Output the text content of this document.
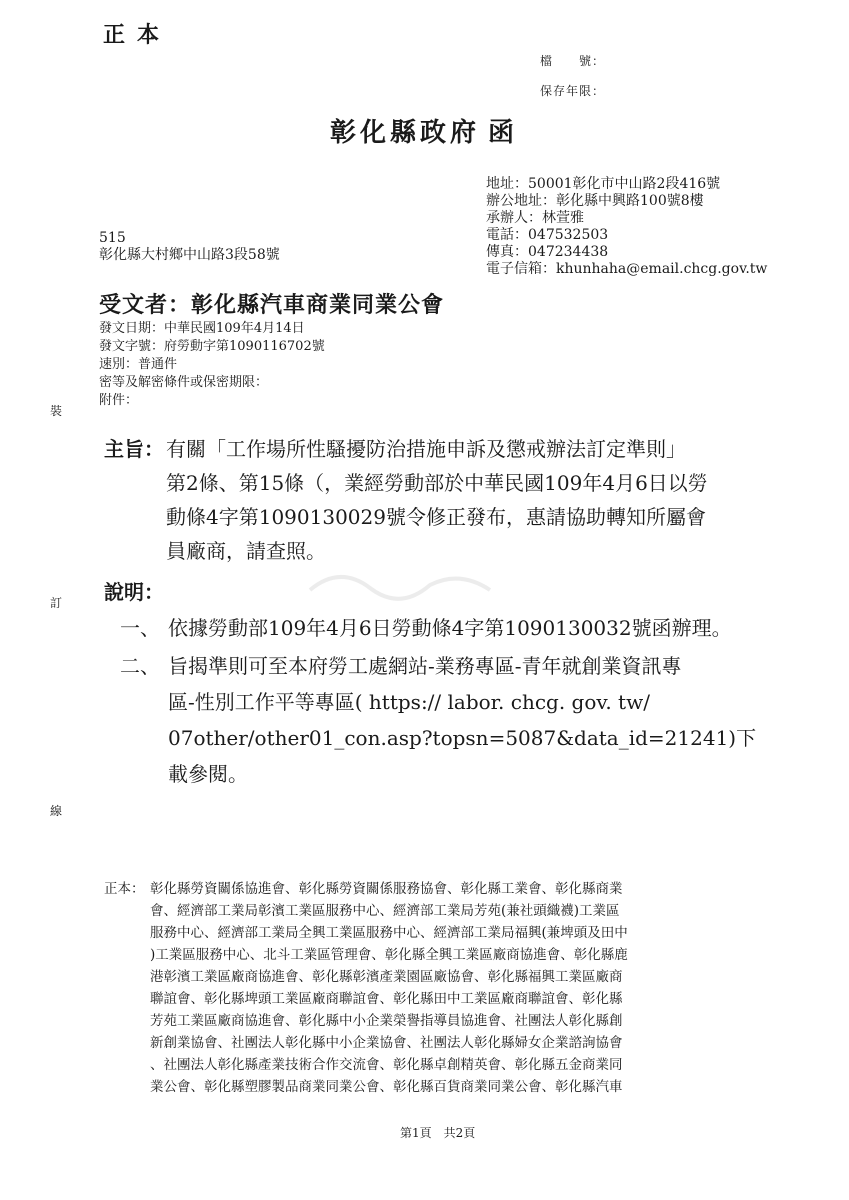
正本
檔　　號：
保存年限：
彰化縣政府 函
地址：50001彰化市中山路2段416號
辦公地址：彰化縣中興路100號8樓
承辦人：林萱雅
電話：047532503
傳真：047234438
電子信箱：khunhaha@email.chcg.gov.tw
515
彰化縣大村鄉中山路3段58號
受文者：彰化縣汽車商業同業公會
發文日期：中華民國109年4月14日
發文字號：府勞動字第1090116702號
速別：普通件
密等及解密條件或保密期限：
附件：
裝
訂
線
主旨： 有關「工作場所性騷擾防治措施申訴及懲戒辦法訂定準則」
第2條、第15條（，業經勞動部於中華民國109年4月6日以勞
動條4字第1090130029號令修正發布，惠請協助轉知所屬會
員廠商，請查照。
說明：
一、 依據勞動部109年4月6日勞動條4字第1090130032號函辦理。
二、 旨揭準則可至本府勞工處網站-業務專區-青年就創業資訊專
區-性別工作平等專區( https:// labor. chcg. gov. tw/
07other/other01_con.asp?topsn=5087&data_id=21241)下
載參閱。
正本： 彰化縣勞資關係協進會、彰化縣勞資關係服務協會、彰化縣工業會、彰化縣商業
會、經濟部工業局彰濱工業區服務中心、經濟部工業局芳苑(兼社頭織襪)工業區
服務中心、經濟部工業局全興工業區服務中心、經濟部工業局福興(兼埤頭及田中
)工業區服務中心、北斗工業區管理會、彰化縣全興工業區廠商協進會、彰化縣鹿
港彰濱工業區廠商協進會、彰化縣彰濱產業園區廠協會、彰化縣福興工業區廠商
聯誼會、彰化縣埤頭工業區廠商聯誼會、彰化縣田中工業區廠商聯誼會、彰化縣
芳苑工業區廠商協進會、彰化縣中小企業榮譽指導員協進會、社團法人彰化縣創
新創業協會、社團法人彰化縣中小企業協會、社團法人彰化縣婦女企業諮詢協會
、社團法人彰化縣產業技術合作交流會、彰化縣卓創精英會、彰化縣五金商業同
業公會、彰化縣塑膠製品商業同業公會、彰化縣百貨商業同業公會、彰化縣汽車
第1頁　共2頁
